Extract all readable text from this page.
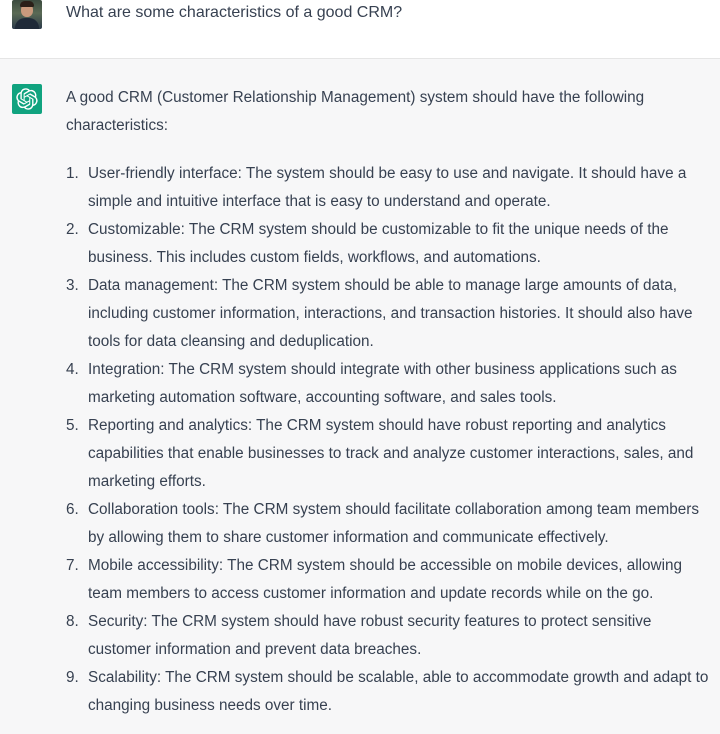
What are some characteristics of a good CRM?

A good CRM (Customer Relationship Management) system should have the following characteristics:

1. User-friendly interface: The system should be easy to use and navigate. It should have a simple and intuitive interface that is easy to understand and operate.
2. Customizable: The CRM system should be customizable to fit the unique needs of the business. This includes custom fields, workflows, and automations.
3. Data management: The CRM system should be able to manage large amounts of data, including customer information, interactions, and transaction histories. It should also have tools for data cleansing and deduplication.
4. Integration: The CRM system should integrate with other business applications such as marketing automation software, accounting software, and sales tools.
5. Reporting and analytics: The CRM system should have robust reporting and analytics capabilities that enable businesses to track and analyze customer interactions, sales, and marketing efforts.
6. Collaboration tools: The CRM system should facilitate collaboration among team members by allowing them to share customer information and communicate effectively.
7. Mobile accessibility: The CRM system should be accessible on mobile devices, allowing team members to access customer information and update records while on the go.
8. Security: The CRM system should have robust security features to protect sensitive customer information and prevent data breaches.
9. Scalability: The CRM system should be scalable, able to accommodate growth and adapt to changing business needs over time.
